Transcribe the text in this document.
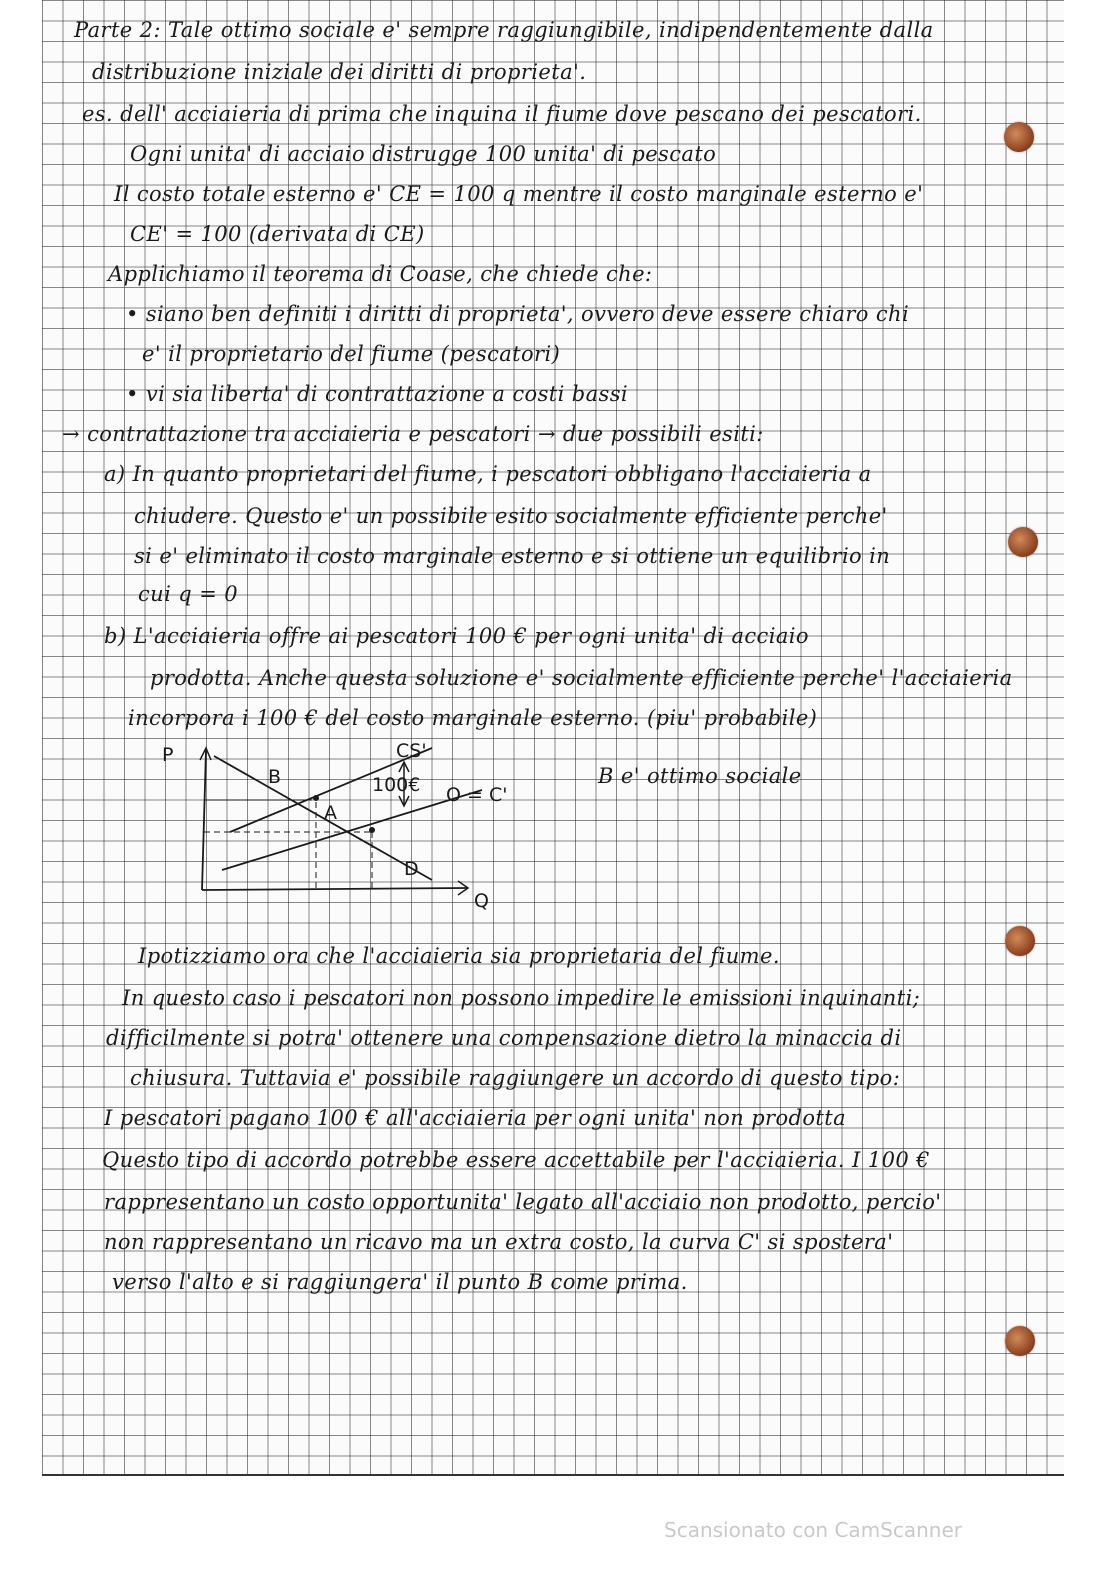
Parte 2: Tale ottimo sociale e' sempre raggiungibile, indipendentemente dalla

distribuzione iniziale dei diritti di proprieta'.

es. dell' acciaieria di prima che inquina il fiume dove pescano dei pescatori.

Ogni unita' di acciaio distrugge 100 unita' di pescato

Il costo totale esterno e' CE = 100 q mentre il costo marginale esterno e'

CE' = 100 (derivata di CE)

Applichiamo il teorema di Coase, che chiede che:

• siano ben definiti i diritti di proprieta', ovvero deve essere chiaro chi

e' il proprietario del fiume (pescatori)

• vi sia liberta' di contrattazione a costi bassi

→ contrattazione tra acciaieria e pescatori → due possibili esiti:

a) In quanto proprietari del fiume, i pescatori obbligano l'acciaieria a

chiudere. Questo e' un possibile esito socialmente efficiente perche'

si e' eliminato il costo marginale esterno e si ottiene un equilibrio in

cui q = 0

b) L'acciaieria offre ai pescatori 100 € per ogni unita' di acciaio

prodotta. Anche questa soluzione e' socialmente efficiente perche' l'acciaieria

incorpora i 100 € del costo marginale esterno. (piu' probabile)

P
Q
CS'
O = C'
D
B
A
100€	B e' ottimo sociale

Ipotizziamo ora che l'acciaieria sia proprietaria del fiume.

In questo caso i pescatori non possono impedire le emissioni inquinanti;

difficilmente si potra' ottenere una compensazione dietro la minaccia di

chiusura. Tuttavia e' possibile raggiungere un accordo di questo tipo:

I pescatori pagano 100 € all'acciaieria per ogni unita' non prodotta

Questo tipo di accordo potrebbe essere accettabile per l'acciaieria. I 100 €

rappresentano un costo opportunita' legato all'acciaio non prodotto, percio'

non rappresentano un ricavo ma un extra costo, la curva C' si spostera'

verso l'alto e si raggiungera' il punto B come prima.

Scansionato con CamScanner
